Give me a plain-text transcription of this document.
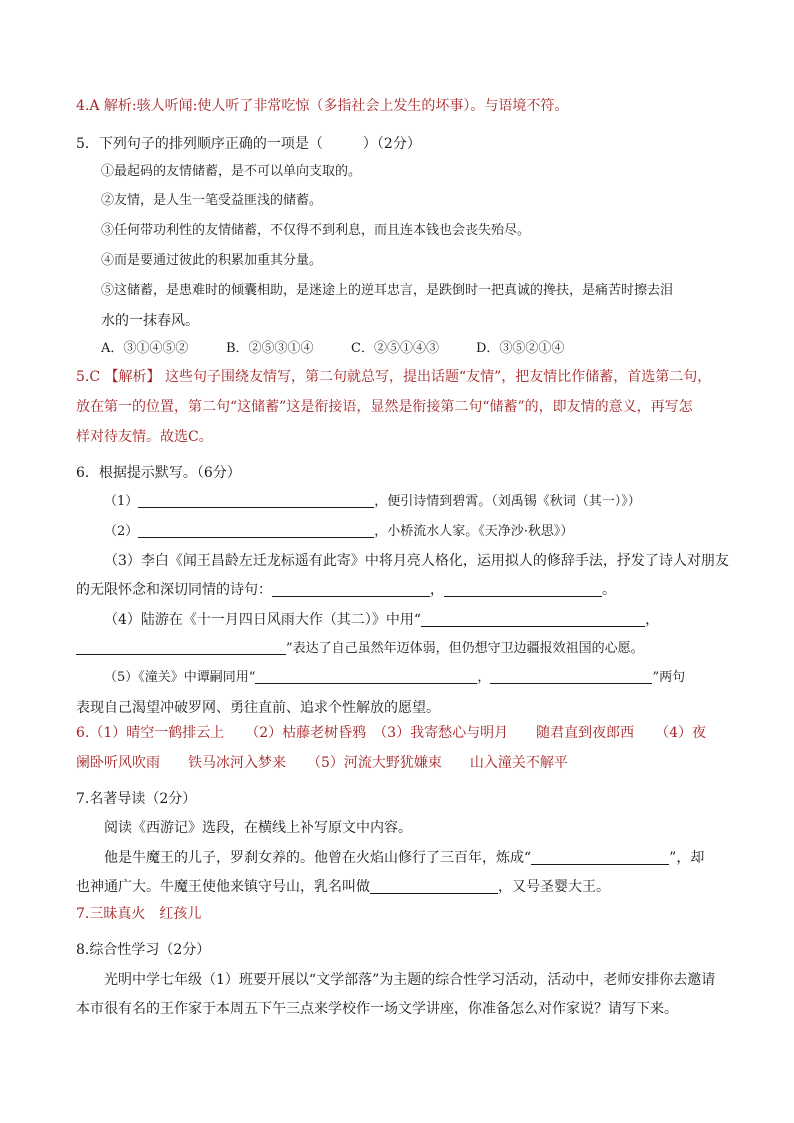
4.A 解析:骇人听闻:使人听了非常吃惊（多指社会上发生的坏事）。与语境不符。
5．下列句子的排列顺序正确的一项是（	）（2分）
①最起码的友情储蓄，是不可以单向支取的。
②友情，是人生一笔受益匪浅的储蓄。
③任何带功利性的友情储蓄，不仅得不到利息，而且连本钱也会丧失殆尽。
④而是要通过彼此的积累加重其分量。
⑤这储蓄，是患难时的倾囊相助，是迷途上的逆耳忠言，是跌倒时一把真诚的搀扶，是痛苦时擦去泪
水的一抹春风。
A．③①④⑤②	B．②⑤③①④	C．②⑤①④③	D．③⑤②①④
5.C 【解析】 这些句子围绕友情写，第二句就总写，提出话题“友情”，把友情比作储蓄，首选第二句，
放在第一的位置，第二句“这储蓄”这是衔接语，显然是衔接第二句“储蓄”的，即友情的意义，再写怎
样对待友情。故选C。
6．根据提示默写。（6分）
（1）	，便引诗情到碧霄。（刘禹锡《秋词（其一）》）
（2）	，小桥流水人家。《天净沙·秋思》）
（3）李白《闻王昌龄左迁龙标遥有此寄》中将月亮人格化，运用拟人的修辞手法，抒发了诗人对朋友
的无限怀念和深切同情的诗句：	，	。
（4）陆游在《十一月四日风雨大作（其二）》中用“	，
”表达了自己虽然年迈体弱，但仍想守卫边疆报效祖国的心愿。
（5）《潼关》中谭嗣同用“	，	”两句
表现自己渴望冲破罗网、勇往直前、追求个性解放的愿望。
6.（1）晴空一鹤排云上　　（2）枯藤老树昏鸦　（3）我寄愁心与明月　　随君直到夜郎西　　（4）夜
阑卧听风吹雨　　铁马冰河入梦来　　（5）河流大野犹嫌束　　山入潼关不解平
7.名著导读（2分）
阅读《西游记》选段，在横线上补写原文中内容。
他是牛魔王的儿子，罗刹女养的。他曾在火焰山修行了三百年，炼成“	”，却
也神通广大。牛魔王使他来镇守号山，乳名叫做	，又号圣婴大王。
7.三昧真火　红孩儿
8.综合性学习（2分）
光明中学七年级（1）班要开展以“文学部落”为主题的综合性学习活动，活动中，老师安排你去邀请
本市很有名的王作家于本周五下午三点来学校作一场文学讲座，你准备怎么对作家说？请写下来。
